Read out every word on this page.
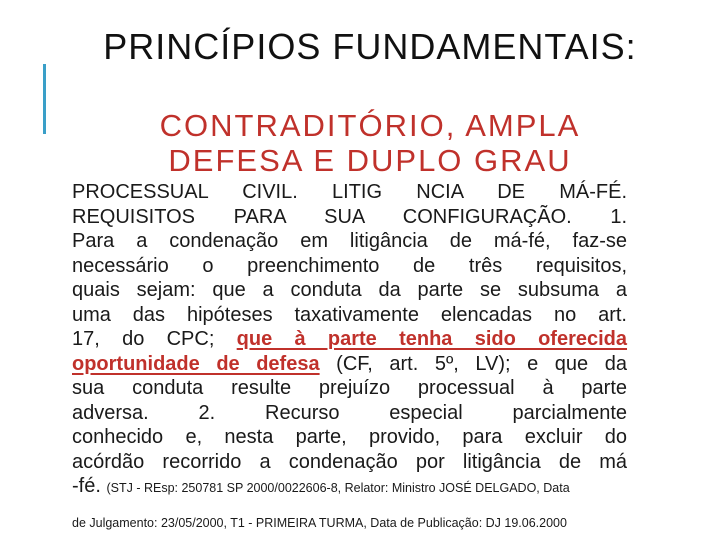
PRINCÍPIOS FUNDAMENTAIS:
CONTRADITÓRIO, AMPLA
DEFESA E DUPLO GRAU
PROCESSUAL CIVIL. LITIG NCIA DE MÁ-FÉ.
REQUISITOS PARA SUA CONFIGURAÇÃO. 1.
Para a condenação em litigância de má-fé, faz-se
necessário o preenchimento de três requisitos,
quais sejam: que a conduta da parte se subsuma a
uma das hipóteses taxativamente elencadas no art.
17, do CPC; que à parte tenha sido oferecida
oportunidade de defesa (CF, art. 5º, LV); e que da
sua conduta resulte prejuízo processual à parte
adversa. 2. Recurso especial parcialmente
conhecido e, nesta parte, provido, para excluir do
acórdão recorrido a condenação por litigância de má
-fé. (STJ - REsp: 250781 SP 2000/0022606-8, Relator: Ministro JOSÉ DELGADO, Data
de Julgamento: 23/05/2000, T1 - PRIMEIRA TURMA, Data de Publicação: DJ 19.06.2000
